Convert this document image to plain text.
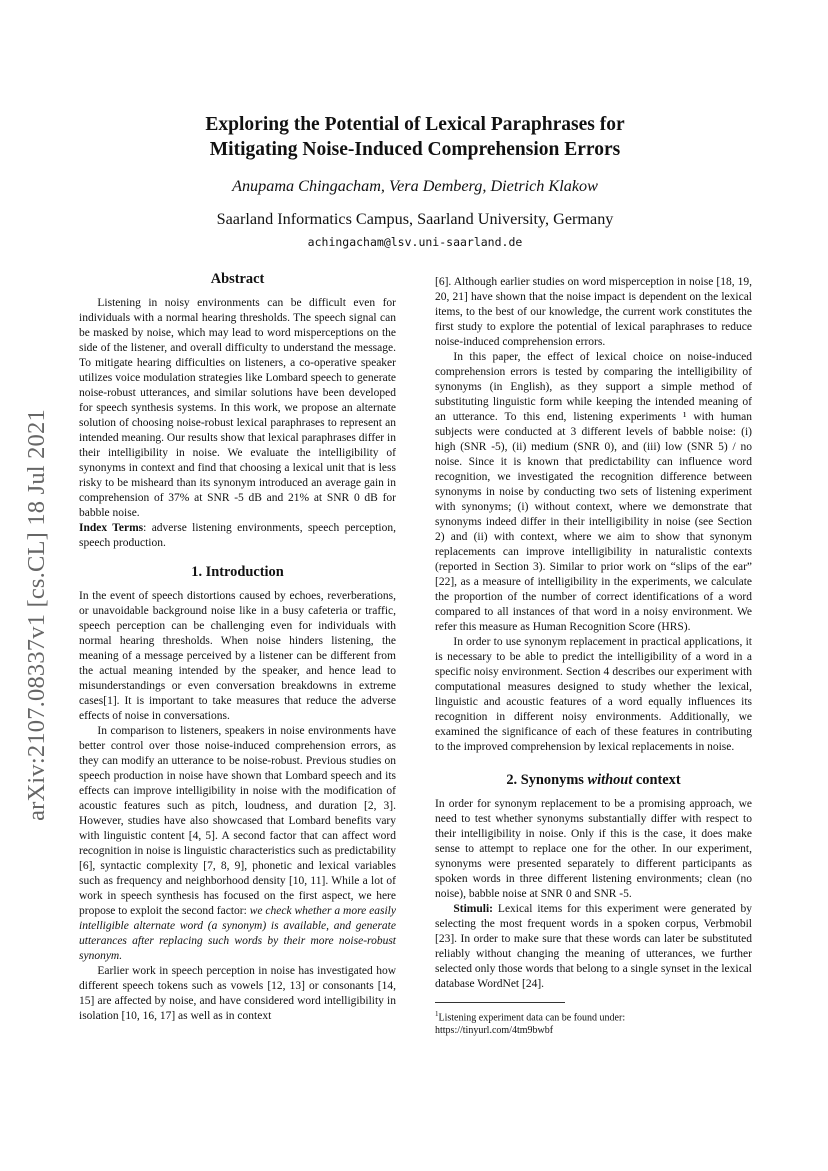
arXiv:2107.08337v1 [cs.CL] 18 Jul 2021
Exploring the Potential of Lexical Paraphrases for
Mitigating Noise-Induced Comprehension Errors
Anupama Chingacham, Vera Demberg, Dietrich Klakow
Saarland Informatics Campus, Saarland University, Germany
achingacham@lsv.uni-saarland.de
Abstract

Listening in noisy environments can be difficult even for individuals with a normal hearing thresholds. The speech signal can be masked by noise, which may lead to word misperceptions on the side of the listener, and overall difficulty to understand the message. To mitigate hearing difficulties on listeners, a co-operative speaker utilizes voice modulation strategies like Lombard speech to generate noise-robust utterances, and similar solutions have been developed for speech synthesis systems. In this work, we propose an alternate solution of choosing noise-robust lexical paraphrases to represent an intended meaning. Our results show that lexical paraphrases differ in their intelligibility in noise. We evaluate the intelligibility of synonyms in context and find that choosing a lexical unit that is less risky to be misheard than its synonym introduced an average gain in comprehension of 37% at SNR -5 dB and 21% at SNR 0 dB for babble noise.

Index Terms: adverse listening environments, speech perception, speech production.

1. Introduction

In the event of speech distortions caused by echoes, reverberations, or unavoidable background noise like in a busy cafeteria or traffic, speech perception can be challenging even for individuals with normal hearing thresholds. When noise hinders listening, the meaning of a message perceived by a listener can be different from the actual meaning intended by the speaker, and hence lead to misunderstandings or even conversation breakdowns in extreme cases[1]. It is important to take measures that reduce the adverse effects of noise in conversations.

In comparison to listeners, speakers in noise environments have better control over those noise-induced comprehension errors, as they can modify an utterance to be noise-robust. Previous studies on speech production in noise have shown that Lombard speech and its effects can improve intelligibility in noise with the modification of acoustic features such as pitch, loudness, and duration [2, 3]. However, studies have also showcased that Lombard benefits vary with linguistic content [4, 5]. A second factor that can affect word recognition in noise is linguistic characteristics such as predictability [6], syntactic complexity [7, 8, 9], phonetic and lexical variables such as frequency and neighborhood density [10, 11]. While a lot of work in speech synthesis has focused on the first aspect, we here propose to exploit the second factor: we check whether a more easily intelligible alternate word (a synonym) is available, and generate utterances after replacing such words by their more noise-robust synonym.

Earlier work in speech perception in noise has investigated how different speech tokens such as vowels [12, 13] or consonants [14, 15] are affected by noise, and have considered word intelligibility in isolation [10, 16, 17] as well as in context

[6]. Although earlier studies on word misperception in noise [18, 19, 20, 21] have shown that the noise impact is dependent on the lexical items, to the best of our knowledge, the current work constitutes the first study to explore the potential of lexical paraphrases to reduce noise-induced comprehension errors.

In this paper, the effect of lexical choice on noise-induced comprehension errors is tested by comparing the intelligibility of synonyms (in English), as they support a simple method of substituting linguistic form while keeping the intended meaning of an utterance. To this end, listening experiments ¹ with human subjects were conducted at 3 different levels of babble noise: (i) high (SNR -5), (ii) medium (SNR 0), and (iii) low (SNR 5) / no noise. Since it is known that predictability can influence word recognition, we investigated the recognition difference between synonyms in noise by conducting two sets of listening experiment with synonyms; (i) without context, where we demonstrate that synonyms indeed differ in their intelligibility in noise (see Section 2) and (ii) with context, where we aim to show that synonym replacements can improve intelligibility in naturalistic contexts (reported in Section 3). Similar to prior work on “slips of the ear” [22], as a measure of intelligibility in the experiments, we calculate the proportion of the number of correct identifications of a word compared to all instances of that word in a noisy environment. We refer this measure as Human Recognition Score (HRS).

In order to use synonym replacement in practical applications, it is necessary to be able to predict the intelligibility of a word in a specific noisy environment. Section 4 describes our experiment with computational measures designed to study whether the lexical, linguistic and acoustic features of a word equally influences its recognition in different noisy environments. Additionally, we examined the significance of each of these features in contributing to the improved comprehension by lexical replacements in noise.

2. Synonyms without context

In order for synonym replacement to be a promising approach, we need to test whether synonyms substantially differ with respect to their intelligibility in noise. Only if this is the case, it does make sense to attempt to replace one for the other. In our experiment, synonyms were presented separately to different participants as spoken words in three different listening environments; clean (no noise), babble noise at SNR 0 and SNR -5.

Stimuli: Lexical items for this experiment were generated by selecting the most frequent words in a spoken corpus, Verbmobil [23]. In order to make sure that these words can later be substituted reliably without changing the meaning of utterances, we further selected only those words that belong to a single synset in the lexical database WordNet [24].

$^1$Listening experiment data can be found under:
https://tinyurl.com/4tm9bwbf
